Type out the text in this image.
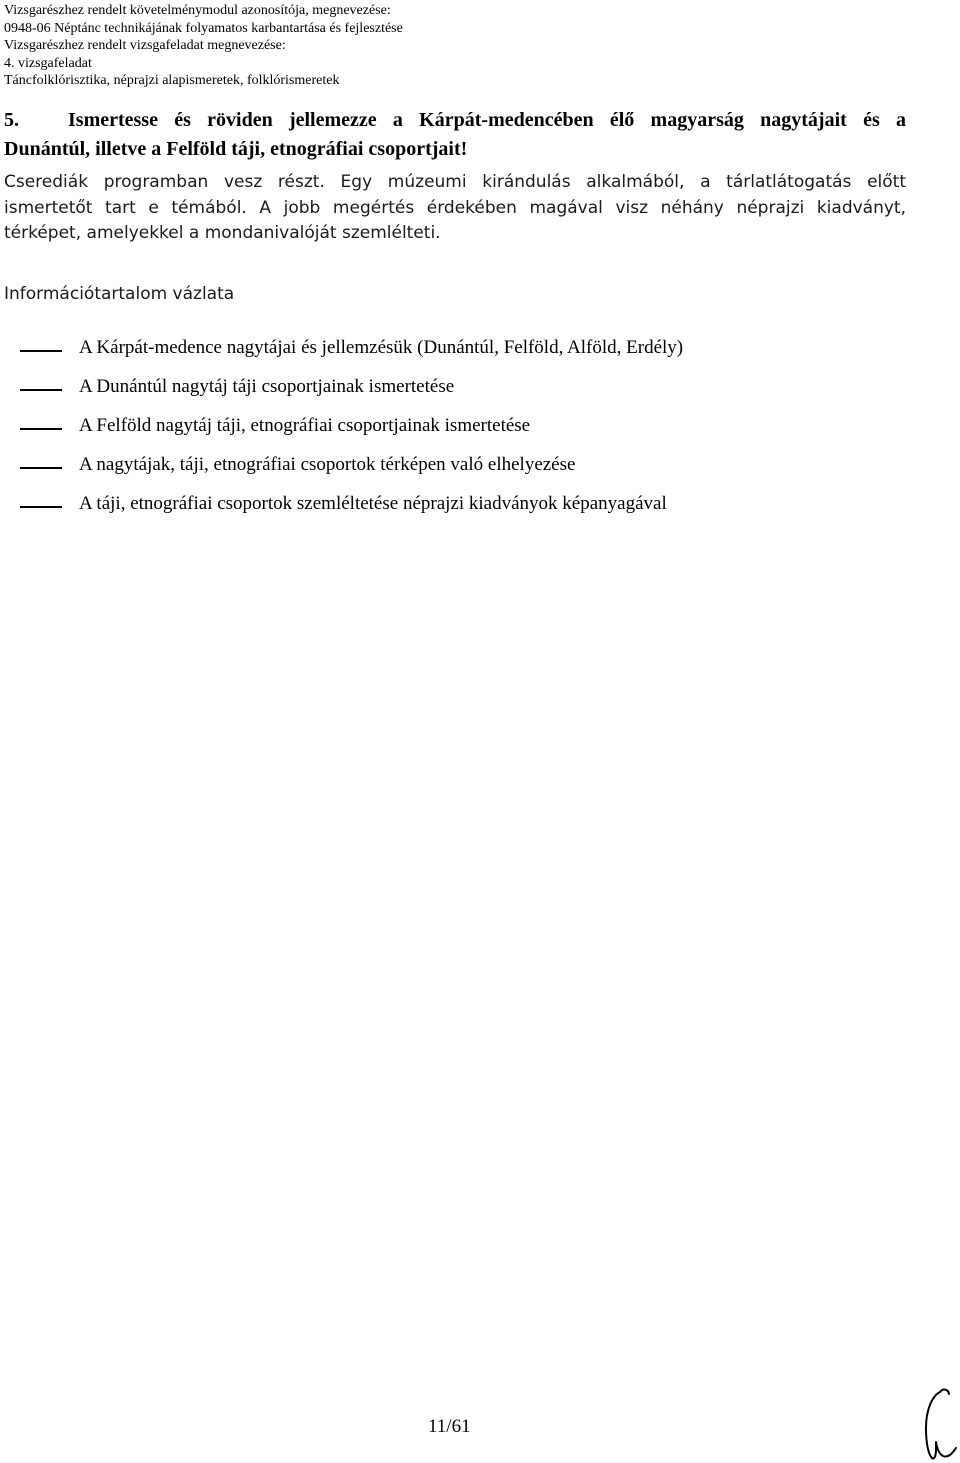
Vizsgarészhez rendelt követelménymodul azonosítója, megnevezése:
0948-06 Néptánc technikájának folyamatos karbantartása és fejlesztése
Vizsgarészhez rendelt vizsgafeladat megnevezése:
4. vizsgafeladat
Táncfolklórisztika, néprajzi alapismeretek, folklórismeretek
5.	Ismertesse és röviden jellemezze a Kárpát-medencében élő magyarság nagytájait és a
Dunántúl, illetve a Felföld táji, etnográfiai csoportjait!
Cserediák programban vesz részt. Egy múzeumi kirándulás alkalmából, a tárlatlátogatás előtt
ismertetőt tart e témából. A jobb megértés érdekében magával visz néhány néprajzi kiadványt,
térképet, amelyekkel a mondanivalóját szemlélteti.
Információtartalom vázlata
A Kárpát-medence nagytájai és jellemzésük (Dunántúl, Felföld, Alföld, Erdély)
A Dunántúl nagytáj táji csoportjainak ismertetése
A Felföld nagytáj táji, etnográfiai csoportjainak ismertetése
A nagytájak, táji, etnográfiai csoportok térképen való elhelyezése
A táji, etnográfiai csoportok szemléltetése néprajzi kiadványok képanyagával
11/61
